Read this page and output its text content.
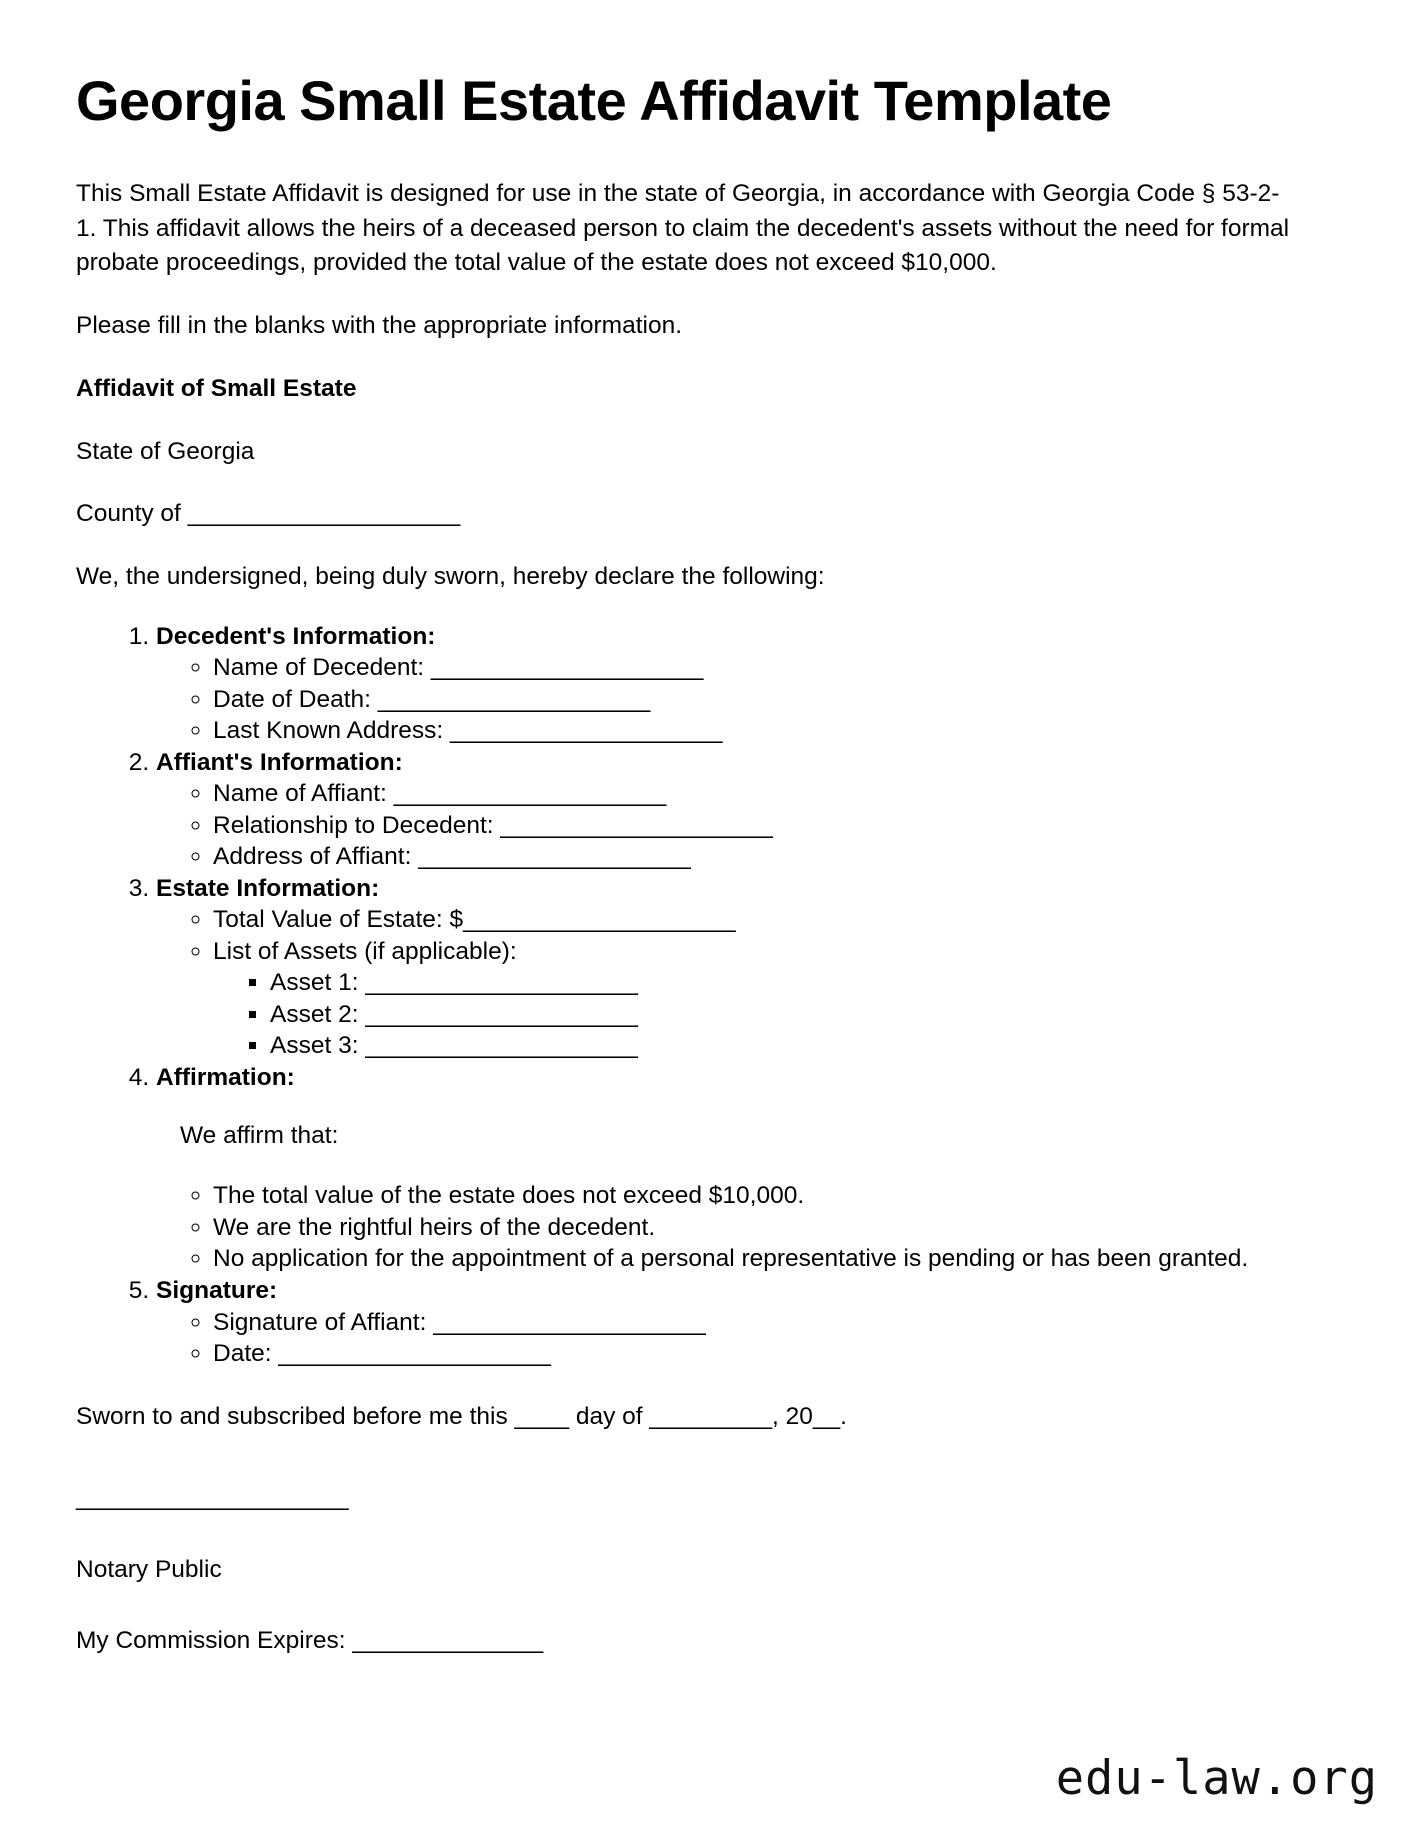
Georgia Small Estate Affidavit Template

This Small Estate Affidavit is designed for use in the state of Georgia, in accordance with Georgia Code § 53-2-1. This affidavit allows the heirs of a deceased person to claim the decedent's assets without the need for formal probate proceedings, provided the total value of the estate does not exceed $10,000.

Please fill in the blanks with the appropriate information.

Affidavit of Small Estate

State of Georgia

County of ____________________

We, the undersigned, being duly sworn, hereby declare the following:

1. Decedent's Information:
◦ Name of Decedent: ____________________
◦ Date of Death: ____________________
◦ Last Known Address: ____________________
2. Affiant's Information:
◦ Name of Affiant: ____________________
◦ Relationship to Decedent: ____________________
◦ Address of Affiant: ____________________
3. Estate Information:
◦ Total Value of Estate: $____________________
◦ List of Assets (if applicable):
▪ Asset 1: ____________________
▪ Asset 2: ____________________
▪ Asset 3: ____________________
4. Affirmation:

We affirm that:

◦ The total value of the estate does not exceed $10,000.
◦ We are the rightful heirs of the decedent.
◦ No application for the appointment of a personal representative is pending or has been granted.
5. Signature:
◦ Signature of Affiant: ____________________
◦ Date: ____________________

Sworn to and subscribed before me this ____ day of _________, 20__.

____________________

Notary Public

My Commission Expires: ______________

edu-law.org
